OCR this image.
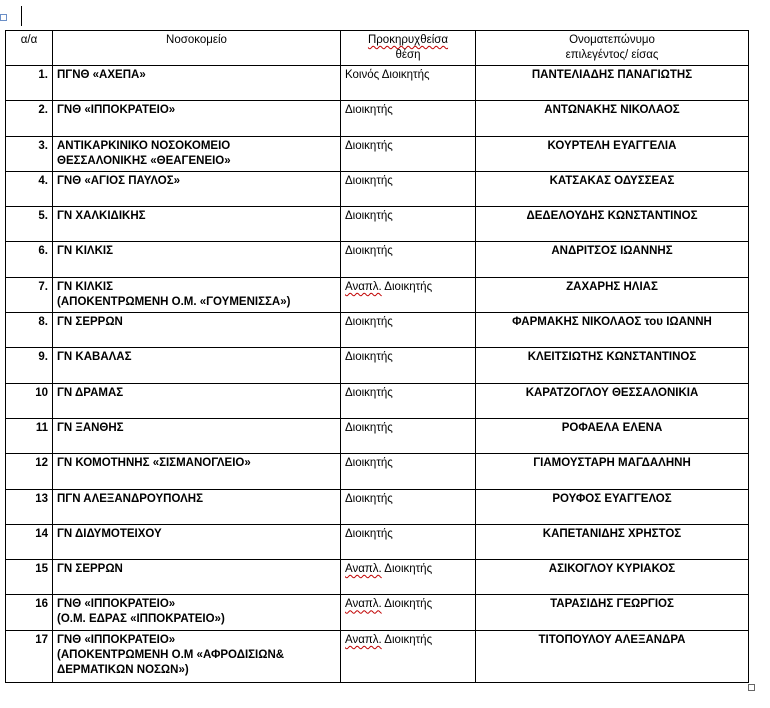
α/α	Νοσοκομείο	Προκηρυχθείσα
θέση	Ονοματεπώνυμο
επιλεγέντος/ είσας
1.	ΠΓΝΘ «ΑΧΕΠΑ»	Κοινός Διοικητής	ΠΑΝΤΕΛΙΑΔΗΣ ΠΑΝΑΓΙΩΤΗΣ
2.	ΓΝΘ «ΙΠΠΟΚΡΑΤΕΙΟ»	Διοικητής	ΑΝΤΩΝΑΚΗΣ ΝΙΚΟΛΑΟΣ
3.	ΑΝΤΙΚΑΡΚΙΝΙΚΟ ΝΟΣΟΚΟΜΕΙΟ
ΘΕΣΣΑΛΟΝΙΚΗΣ «ΘΕΑΓΕΝΕΙΟ»	Διοικητής	ΚΟΥΡΤΕΛΗ ΕΥΑΓΓΕΛΙΑ
4.	ΓΝΘ «ΑΓΙΟΣ ΠΑΥΛΟΣ»	Διοικητής	ΚΑΤΣΑΚΑΣ ΟΔΥΣΣΕΑΣ
5.	ΓΝ ΧΑΛΚΙΔΙΚΗΣ	Διοικητής	ΔΕΔΕΛΟΥΔΗΣ ΚΩΝΣΤΑΝΤΙΝΟΣ
6.	ΓΝ ΚΙΛΚΙΣ	Διοικητής	ΑΝΔΡΙΤΣΟΣ ΙΩΑΝΝΗΣ
7.	ΓΝ ΚΙΛΚΙΣ
(ΑΠΟΚΕΝΤΡΩΜΕΝΗ Ο.Μ. «ΓΟΥΜΕΝΙΣΣΑ»)	Αναπλ. Διοικητής	ΖΑΧΑΡΗΣ ΗΛΙΑΣ
8.	ΓΝ ΣΕΡΡΩΝ	Διοικητής	ΦΑΡΜΑΚΗΣ ΝΙΚΟΛΑΟΣ του ΙΩΑΝΝΗ
9.	ΓΝ ΚΑΒΑΛΑΣ	Διοικητής	ΚΛΕΙΤΣΙΩΤΗΣ ΚΩΝΣΤΑΝΤΙΝΟΣ
10	ΓΝ ΔΡΑΜΑΣ	Διοικητής	ΚΑΡΑΤΖΟΓΛΟΥ ΘΕΣΣΑΛΟΝΙΚΙΑ
11	ΓΝ ΞΑΝΘΗΣ	Διοικητής	ΡΟΦΑΕΛΑ ΕΛΕΝΑ
12	ΓΝ ΚΟΜΟΤΗΝΗΣ «ΣΙΣΜΑΝΟΓΛΕΙΟ»	Διοικητής	ΓΙΑΜΟΥΣΤΑΡΗ ΜΑΓΔΑΛΗΝΗ
13	ΠΓΝ ΑΛΕΞΑΝΔΡΟΥΠΟΛΗΣ	Διοικητής	ΡΟΥΦΟΣ ΕΥΑΓΓΕΛΟΣ
14	ΓΝ ΔΙΔΥΜΟΤΕΙΧΟΥ	Διοικητής	ΚΑΠΕΤΑΝΙΔΗΣ ΧΡΗΣΤΟΣ
15	ΓΝ ΣΕΡΡΩΝ	Αναπλ. Διοικητής	ΑΣΙΚΟΓΛΟΥ ΚΥΡΙΑΚΟΣ
16	ΓΝΘ «ΙΠΠΟΚΡΑΤΕΙΟ»
(Ο.Μ. ΕΔΡΑΣ «ΙΠΠΟΚΡΑΤΕΙΟ»)	Αναπλ. Διοικητής	ΤΑΡΑΣΙΔΗΣ ΓΕΩΡΓΙΟΣ
17	ΓΝΘ «ΙΠΠΟΚΡΑΤΕΙΟ»
(ΑΠΟΚΕΝΤΡΩΜΕΝΗ Ο.Μ «ΑΦΡΟΔΙΣΙΩΝ&
ΔΕΡΜΑΤΙΚΩΝ ΝΟΣΩΝ»)	Αναπλ. Διοικητής	ΤΙΤΟΠΟΥΛΟΥ ΑΛΕΞΑΝΔΡΑ
